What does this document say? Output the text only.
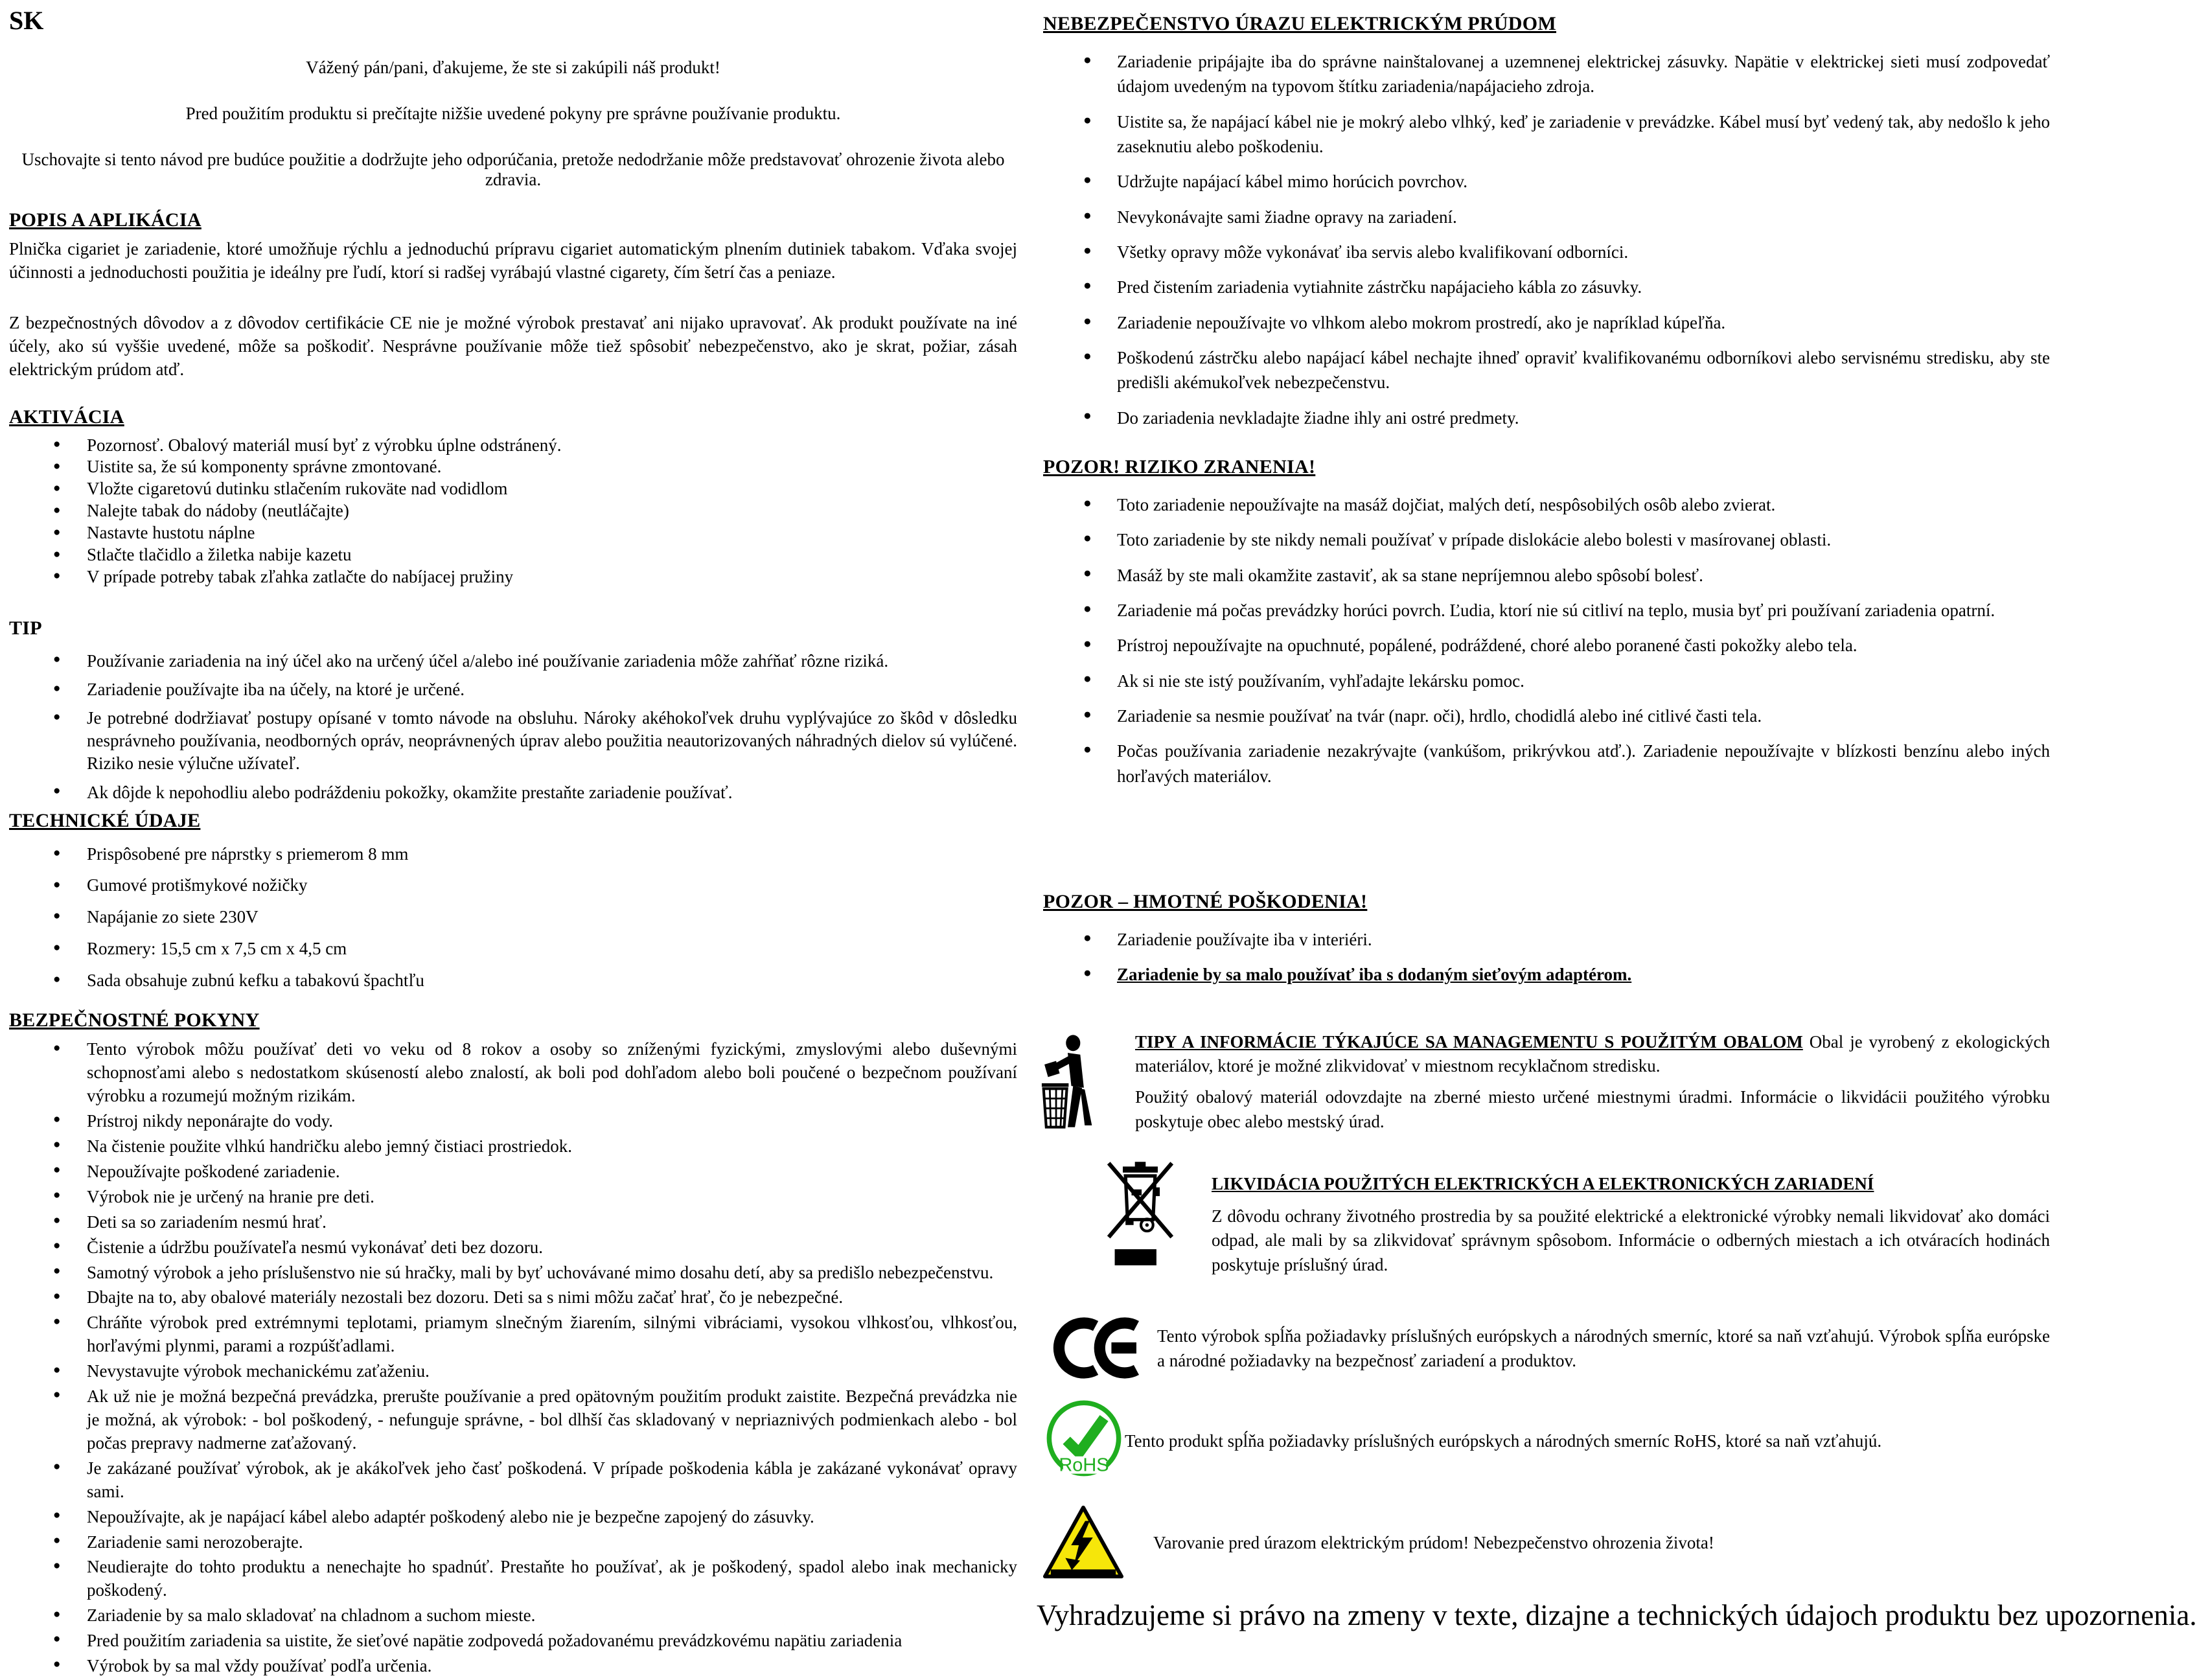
SK

Vážený pán/pani, ďakujeme, že ste si zakúpili náš produkt!

Pred použitím produktu si prečítajte nižšie uvedené pokyny pre správne používanie produktu.

Uschovajte si tento návod pre budúce použitie a dodržujte jeho odporúčania, pretože nedodržanie môže predstavovať ohrozenie života alebo zdravia.

POPIS A APLIKÁCIA

Plnička cigariet je zariadenie, ktoré umožňuje rýchlu a jednoduchú prípravu cigariet automatickým plnením dutiniek tabakom. Vďaka svojej účinnosti a jednoduchosti použitia je ideálny pre ľudí, ktorí si radšej vyrábajú vlastné cigarety, čím šetrí čas a peniaze.

Z bezpečnostných dôvodov a z dôvodov certifikácie CE nie je možné výrobok prestavať ani nijako upravovať. Ak produkt používate na iné účely, ako sú vyššie uvedené, môže sa poškodiť. Nesprávne používanie môže tiež spôsobiť nebezpečenstvo, ako je skrat, požiar, zásah elektrickým prúdom atď.

AKTIVÁCIA
● Pozornosť. Obalový materiál musí byť z výrobku úplne odstránený.
● Uistite sa, že sú komponenty správne zmontované.
● Vložte cigaretovú dutinku stlačením rukoväte nad vodidlom
● Nalejte tabak do nádoby (neutláčajte)
● Nastavte hustotu náplne
● Stlačte tlačidlo a žiletka nabije kazetu
● V prípade potreby tabak zľahka zatlačte do nabíjacej pružiny
TIP
● Používanie zariadenia na iný účel ako na určený účel a/alebo iné používanie zariadenia môže zahŕňať rôzne riziká.
● Zariadenie používajte iba na účely, na ktoré je určené.
● Je potrebné dodržiavať postupy opísané v tomto návode na obsluhu. Nároky akéhokoľvek druhu vyplývajúce zo škôd v dôsledku nesprávneho používania, neodborných opráv, neoprávnených úprav alebo použitia neautorizovaných náhradných dielov sú vylúčené. Riziko nesie výlučne užívateľ.
● Ak dôjde k nepohodliu alebo podráždeniu pokožky, okamžite prestaňte zariadenie používať.
TECHNICKÉ ÚDAJE
● Prispôsobené pre náprstky s priemerom 8 mm
● Gumové protišmykové nožičky
● Napájanie zo siete 230V
● Rozmery: 15,5 cm x 7,5 cm x 4,5 cm
● Sada obsahuje zubnú kefku a tabakovú špachtľu
BEZPEČNOSTNÉ POKYNY
● Tento výrobok môžu používať deti vo veku od 8 rokov a osoby so zníženými fyzickými, zmyslovými alebo duševnými schopnosťami alebo s nedostatkom skúseností alebo znalostí, ak boli pod dohľadom alebo boli poučené o bezpečnom používaní výrobku a rozumejú možným rizikám.
● Prístroj nikdy neponárajte do vody.
● Na čistenie použite vlhkú handričku alebo jemný čistiaci prostriedok.
● Nepoužívajte poškodené zariadenie.
● Výrobok nie je určený na hranie pre deti.
● Deti sa so zariadením nesmú hrať.
● Čistenie a údržbu používateľa nesmú vykonávať deti bez dozoru.
● Samotný výrobok a jeho príslušenstvo nie sú hračky, mali by byť uchovávané mimo dosahu detí, aby sa predišlo nebezpečenstvu.
● Dbajte na to, aby obalové materiály nezostali bez dozoru. Deti sa s nimi môžu začať hrať, čo je nebezpečné.
● Chráňte výrobok pred extrémnymi teplotami, priamym slnečným žiarením, silnými vibráciami, vysokou vlhkosťou, vlhkosťou, horľavými plynmi, parami a rozpúšťadlami.
● Nevystavujte výrobok mechanickému zaťaženiu.
● Ak už nie je možná bezpečná prevádzka, prerušte používanie a pred opätovným použitím produkt zaistite. Bezpečná prevádzka nie je možná, ak výrobok: - bol poškodený, - nefunguje správne, - bol dlhší čas skladovaný v nepriaznivých podmienkach alebo - bol počas prepravy nadmerne zaťažovaný.
● Je zakázané používať výrobok, ak je akákoľvek jeho časť poškodená. V prípade poškodenia kábla je zakázané vykonávať opravy sami.
● Nepoužívajte, ak je napájací kábel alebo adaptér poškodený alebo nie je bezpečne zapojený do zásuvky.
● Zariadenie sami nerozoberajte.
● Neudierajte do tohto produktu a nenechajte ho spadnúť. Prestaňte ho používať, ak je poškodený, spadol alebo inak mechanicky poškodený.
● Zariadenie by sa malo skladovať na chladnom a suchom mieste.
● Pred použitím zariadenia sa uistite, že sieťové napätie zodpovedá požadovanému prevádzkovému napätiu zariadenia
● Výrobok by sa mal vždy používať podľa určenia.
NEBEZPEČENSTVO ÚRAZU ELEKTRICKÝM PRÚDOM
● Zariadenie pripájajte iba do správne nainštalovanej a uzemnenej elektrickej zásuvky. Napätie v elektrickej sieti musí zodpovedať údajom uvedeným na typovom štítku zariadenia/napájacieho zdroja.
● Uistite sa, že napájací kábel nie je mokrý alebo vlhký, keď je zariadenie v prevádzke. Kábel musí byť vedený tak, aby nedošlo k jeho zaseknutiu alebo poškodeniu.
● Udržujte napájací kábel mimo horúcich povrchov.
● Nevykonávajte sami žiadne opravy na zariadení.
● Všetky opravy môže vykonávať iba servis alebo kvalifikovaní odborníci.
● Pred čistením zariadenia vytiahnite zástrčku napájacieho kábla zo zásuvky.
● Zariadenie nepoužívajte vo vlhkom alebo mokrom prostredí, ako je napríklad kúpeľňa.
● Poškodenú zástrčku alebo napájací kábel nechajte ihneď opraviť kvalifikovanému odborníkovi alebo servisnému stredisku, aby ste predišli akémukoľvek nebezpečenstvu.
● Do zariadenia nevkladajte žiadne ihly ani ostré predmety.
POZOR! RIZIKO ZRANENIA!
● Toto zariadenie nepoužívajte na masáž dojčiat, malých detí, nespôsobilých osôb alebo zvierat.
● Toto zariadenie by ste nikdy nemali používať v prípade dislokácie alebo bolesti v masírovanej oblasti.
● Masáž by ste mali okamžite zastaviť, ak sa stane nepríjemnou alebo spôsobí bolesť.
● Zariadenie má počas prevádzky horúci povrch. Ľudia, ktorí nie sú citliví na teplo, musia byť pri používaní zariadenia opatrní.
● Prístroj nepoužívajte na opuchnuté, popálené, podráždené, choré alebo poranené časti pokožky alebo tela.
● Ak si nie ste istý používaním, vyhľadajte lekársku pomoc.
● Zariadenie sa nesmie používať na tvár (napr. oči), hrdlo, chodidlá alebo iné citlivé časti tela.
● Počas používania zariadenie nezakrývajte (vankúšom, prikrývkou atď.). Zariadenie nepoužívajte v blízkosti benzínu alebo iných horľavých materiálov.
POZOR – HMOTNÉ POŠKODENIA!
● Zariadenie používajte iba v interiéri.
● Zariadenie by sa malo používať iba s dodaným sieťovým adaptérom.

TIPY A INFORMÁCIE TÝKAJÚCE SA MANAGEMENTU S POUŽITÝM OBALOM Obal je vyrobený z ekologických materiálov, ktoré je možné zlikvidovať v miestnom recyklačnom stredisku.

Použitý obalový materiál odovzdajte na zberné miesto určené miestnymi úradmi. Informácie o likvidácii použitého výrobku poskytuje obec alebo mestský úrad.

LIKVIDÁCIA POUŽITÝCH ELEKTRICKÝCH A ELEKTRONICKÝCH ZARIADENÍ

Z dôvodu ochrany životného prostredia by sa použité elektrické a elektronické výrobky nemali likvidovať ako domáci odpad, ale mali by sa zlikvidovať správnym spôsobom. Informácie o odberných miestach a ich otváracích hodinách poskytuje príslušný úrad.

Tento výrobok spĺňa požiadavky príslušných európskych a národných smerníc, ktoré sa naň vzťahujú. Výrobok spĺňa európske a národné požiadavky na bezpečnosť zariadení a produktov.
RoHS
Tento produkt spĺňa požiadavky príslušných európskych a národných smerníc RoHS, ktoré sa naň vzťahujú.
Varovanie pred úrazom elektrickým prúdom! Nebezpečenstvo ohrozenia života!
Vyhradzujeme si právo na zmeny v texte, dizajne a technických údajoch produktu bez upozornenia.
